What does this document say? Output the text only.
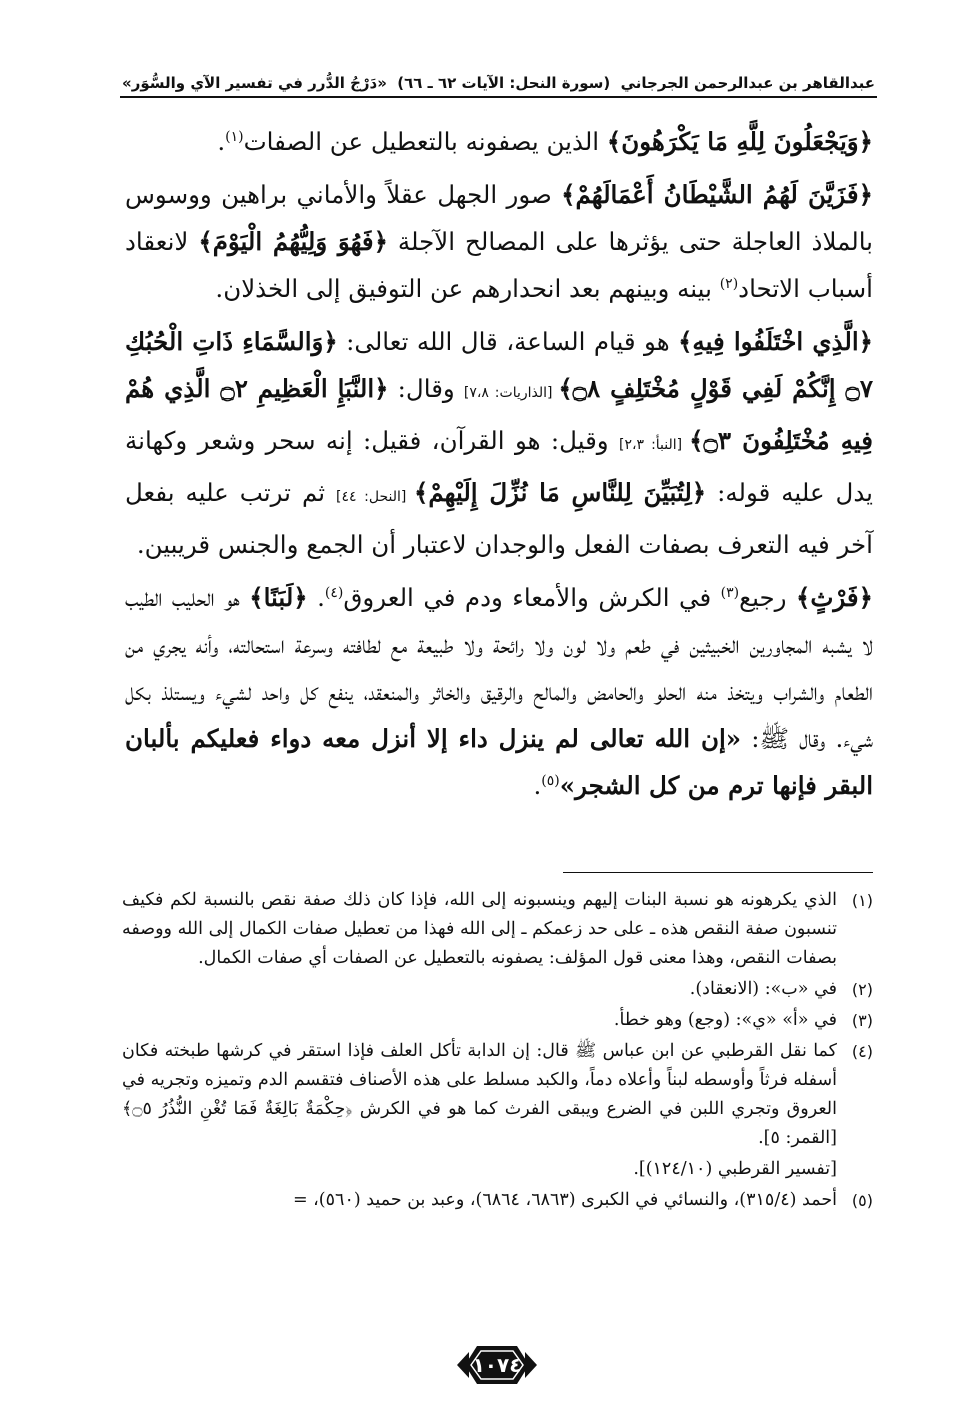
عبدالقاهر بن عبدالرحمن الجرجاني
(سورة النحل: الآيات ٦٢ ـ ٦٦)
«دَرْجُ الدُّرر في تفسير الآي والسُّوَر»

﴿وَيَجْعَلُونَ لِلَّهِ مَا يَكْرَهُونَ﴾ الذين يصفونه بالتعطيل عن الصفات$^{(١)}$.

﴿فَزَيَّنَ لَهُمُ الشَّيْطَانُ أَعْمَالَهُمْ﴾ صور الجهل عقلاً والأماني براهين ووسوس بالملاذ العاجلة حتى يؤثرها على المصالح الآجلة ﴿فَهُوَ وَلِيُّهُمُ الْيَوْمَ﴾ لانعقاد أسباب الاتحاد$^{(٢)}$ بينه وبينهم بعد انحدارهم عن التوفيق إلى الخذلان.

﴿الَّذِي اخْتَلَفُوا فِيهِ﴾ هو قيام الساعة، قال الله تعالى: ﴿وَالسَّمَاءِ ذَاتِ الْحُبُكِ ۝٧ إِنَّكُمْ لَفِي قَوْلٍ مُخْتَلِفٍ ۝٨﴾ [الذاريات: ٧،٨] وقال: ﴿النَّبَإِ الْعَظِيمِ ۝٢ الَّذِي هُمْ فِيهِ مُخْتَلِفُونَ ۝٣﴾ [النبأ: ٢،٣] وقيل: هو القرآن، فقيل: إنه سحر وشعر وكهانة يدل عليه قوله: ﴿لِتُبَيِّنَ لِلنَّاسِ مَا نُزِّلَ إِلَيْهِمْ﴾ [النحل: ٤٤] ثم ترتب عليه بفعل آخر فيه التعرف بصفات الفعل والوجدان لاعتبار أن الجمع والجنس قريبين.

﴿فَرْثٍ﴾ رجيع$^{(٣)}$ في الكرش والأمعاء ودم في العروق$^{(٤)}$. ﴿لَبَنًا﴾ هو الحليب الطيب لا يشبه المجاورين الخبيثين في طعم ولا لون ولا رائحة ولا طبيعة مع لطافته وسرعة استحالته، وأنه يجري من الطعام والشراب ويتخذ منه الحلو والحامض والمالح والرقيق والخاثر والمنعقد، ينفع كل واحد لشيء ويستلذ بكل شيء. وقال ﷺ: «إن الله تعالى لم ينزل داء إلا أنزل معه دواء فعليكم بألبان البقر فإنها ترم من كل الشجر»$^{(٥)}$.

(١)
الذي يكرهونه هو نسبة البنات إليهم وينسبونه إلى الله، فإذا كان ذلك صفة نقص بالنسبة لكم فكيف تنسبون صفة النقص هذه ـ على حد زعمكم ـ إلى الله فهذا من تعطيل صفات الكمال إلى الله ووصفه بصفات النقص، وهذا معنى قول المؤلف: يصفونه بالتعطيل عن الصفات أي صفات الكمال.
(٢)
في «ب»: (الانعقاد).
(٣)
في «أ» «ي»: (وجع) وهو خطأ.
(٤)
كما نقل القرطبي عن ابن عباس ﷺ قال: إن الدابة تأكل العلف فإذا استقر في كرشها طبخته فكان أسفله فرثاً وأوسطه لبناً وأعلاه دماً، والكبد مسلط على هذه الأصناف فتقسم الدم وتميزه وتجريه في العروق وتجري اللبن في الضرع ويبقى الفرث كما هو في الكرش ﴿حِكْمَةٌ بَالِغَةٌ فَمَا تُغْنِ النُّذُرُ ۝٥﴾ [القمر: ٥].
[تفسير القرطبي (١٢٤/١٠)].
(٥)
أحمد (٣١٥/٤)، والنسائي في الكبرى (٦٨٦٣، ٦٨٦٤)، وعبد بن حميد (٥٦٠)، =
١٠٧٤
